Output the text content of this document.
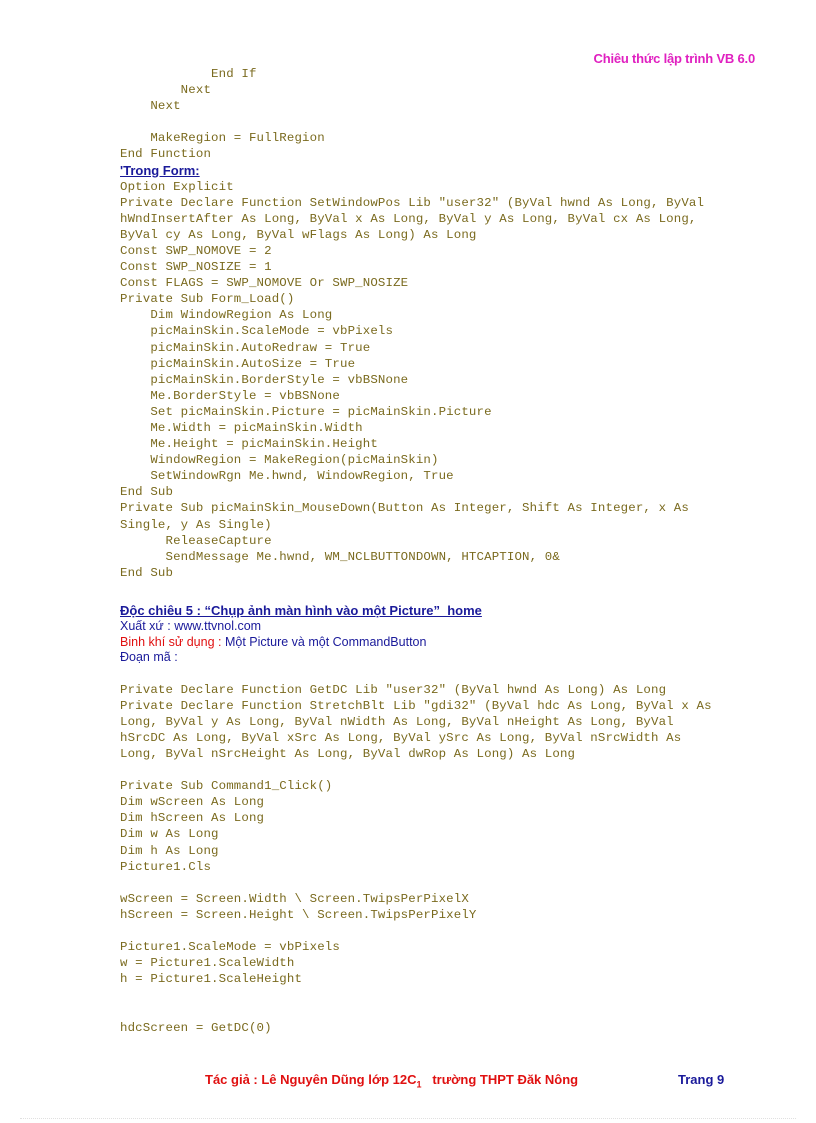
Chiêu thức lập trình VB 6.0
End If
Next
Next
MakeRegion = FullRegion
End Function
'Trong Form:
Option Explicit
Private Declare Function SetWindowPos Lib "user32" (ByVal hwnd As Long, ByVal
hWndInsertAfter As Long, ByVal x As Long, ByVal y As Long, ByVal cx As Long,
ByVal cy As Long, ByVal wFlags As Long) As Long
Const SWP_NOMOVE = 2
Const SWP_NOSIZE = 1
Const FLAGS = SWP_NOMOVE Or SWP_NOSIZE
Private Sub Form_Load()
Dim WindowRegion As Long
picMainSkin.ScaleMode = vbPixels
picMainSkin.AutoRedraw = True
picMainSkin.AutoSize = True
picMainSkin.BorderStyle = vbBSNone
Me.BorderStyle = vbBSNone
Set picMainSkin.Picture = picMainSkin.Picture
Me.Width = picMainSkin.Width
Me.Height = picMainSkin.Height
WindowRegion = MakeRegion(picMainSkin)
SetWindowRgn Me.hwnd, WindowRegion, True
End Sub
Private Sub picMainSkin_MouseDown(Button As Integer, Shift As Integer, x As
Single, y As Single)
ReleaseCapture
SendMessage Me.hwnd, WM_NCLBUTTONDOWN, HTCAPTION, 0&
End Sub
Độc chiêu 5 : “Chụp ảnh màn hình vào một Picture”_home
Xuất xứ : www.ttvnol.com
Binh khí sử dụng : Một Picture và một CommandButton
Đoạn mã :
Private Declare Function GetDC Lib "user32" (ByVal hwnd As Long) As Long
Private Declare Function StretchBlt Lib "gdi32" (ByVal hdc As Long, ByVal x As
Long, ByVal y As Long, ByVal nWidth As Long, ByVal nHeight As Long, ByVal
hSrcDC As Long, ByVal xSrc As Long, ByVal ySrc As Long, ByVal nSrcWidth As
Long, ByVal nSrcHeight As Long, ByVal dwRop As Long) As Long
Private Sub Command1_Click()
Dim wScreen As Long
Dim hScreen As Long
Dim w As Long
Dim h As Long
Picture1.Cls
wScreen = Screen.Width \ Screen.TwipsPerPixelX
hScreen = Screen.Height \ Screen.TwipsPerPixelY
Picture1.ScaleMode = vbPixels
w = Picture1.ScaleWidth
h = Picture1.ScaleHeight
hdcScreen = GetDC(0)
Tác giả : Lê Nguyên Dũng lớp $12C_1$   trường THPT Đăk Nông	Trang 9
